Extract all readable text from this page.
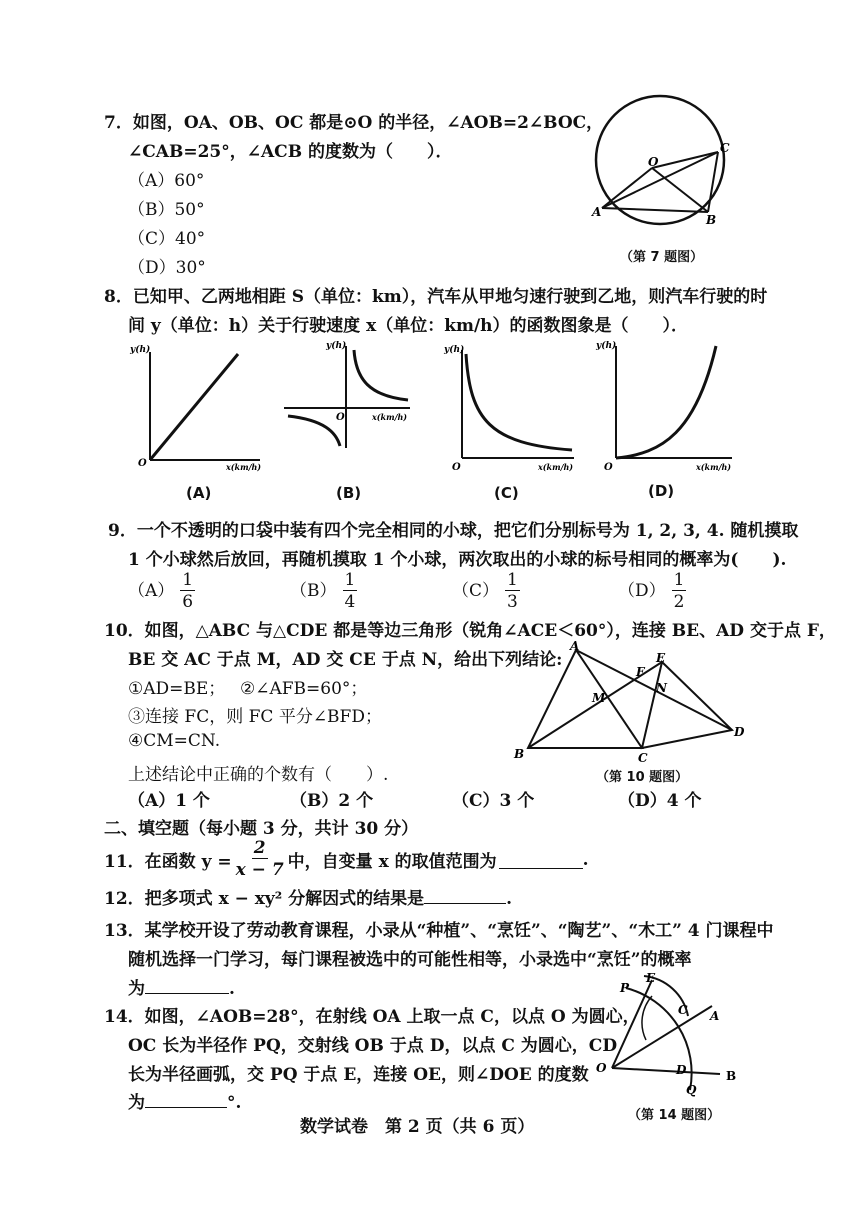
7．如图，OA、OB、OC 都是⊙O 的半径，∠AOB=2∠BOC，
∠CAB=25°，∠ACB 的度数为（　　）．
（A）60°
（B）50°
（C）40°
（D）30°
O
A
B
C
（第 7 题图）
8．已知甲、乙两地相距 S（单位：km），汽车从甲地匀速行驶到乙地，则汽车行驶的时
间 y（单位：h）关于行驶速度 x（单位：km/h）的函数图象是（　　）．
y(h)
x(km/h)
O
(A)
y(h)
x(km/h)
O
(B)
y(h)
x(km/h)
O
(C)
y(h)
x(km/h)
O
(D)
9．一个不透明的口袋中装有四个完全相同的小球，把它们分别标号为 1, 2, 3, 4. 随机摸取
1 个小球然后放回，再随机摸取 1 个小球，两次取出的小球的标号相同的概率为(　　).
$(A) \frac{1}{6}$	$(B) \frac{1}{4}$	$(C) \frac{1}{3}$	$(D) \frac{1}{2}$
10．如图，△ABC 与△CDE 都是等边三角形（锐角∠ACE＜60°），连接 BE、AD 交于点 F，
BE 交 AC 于点 M，AD 交 CE 于点 N，给出下列结论:
①AD=BE； ②∠AFB=60°；
③连接 FC，则 FC 平分∠BFD；
④CM=CN.
上述结论中正确的个数有（　　）.
（A）1 个	（B）2 个	（C）3 个	（D）4 个
A
B	C
D
E
F
M
N
（第 10 题图）
二、填空题（每小题 3 分，共计 30 分）
11．在函数 $y = \frac{2}{x - 7}$ 中，自变量 x 的取值范围为	.
12．把多项式 x − xy² 分解因式的结果是	.
13．某学校开设了劳动教育课程，小录从“种植”、“烹饪”、“陶艺”、“木工” 4 门课程中
随机选择一门学习，每门课程被选中的可能性相等，小录选中“烹饪”的概率
为	.
14．如图，∠AOB=28°，在射线 OA 上取一点 C，以点 O 为圆心，
OC 长为半径作 PQ，交射线 OB 于点 D，以点 C 为圆心，CD
长为半径画弧，交 PQ 于点 E，连接 OE，则∠DOE 的度数
为	°.
P
E
C A
O	D	B
Q
（第 14 题图）
数学试卷　第 2 页（共 6 页）
